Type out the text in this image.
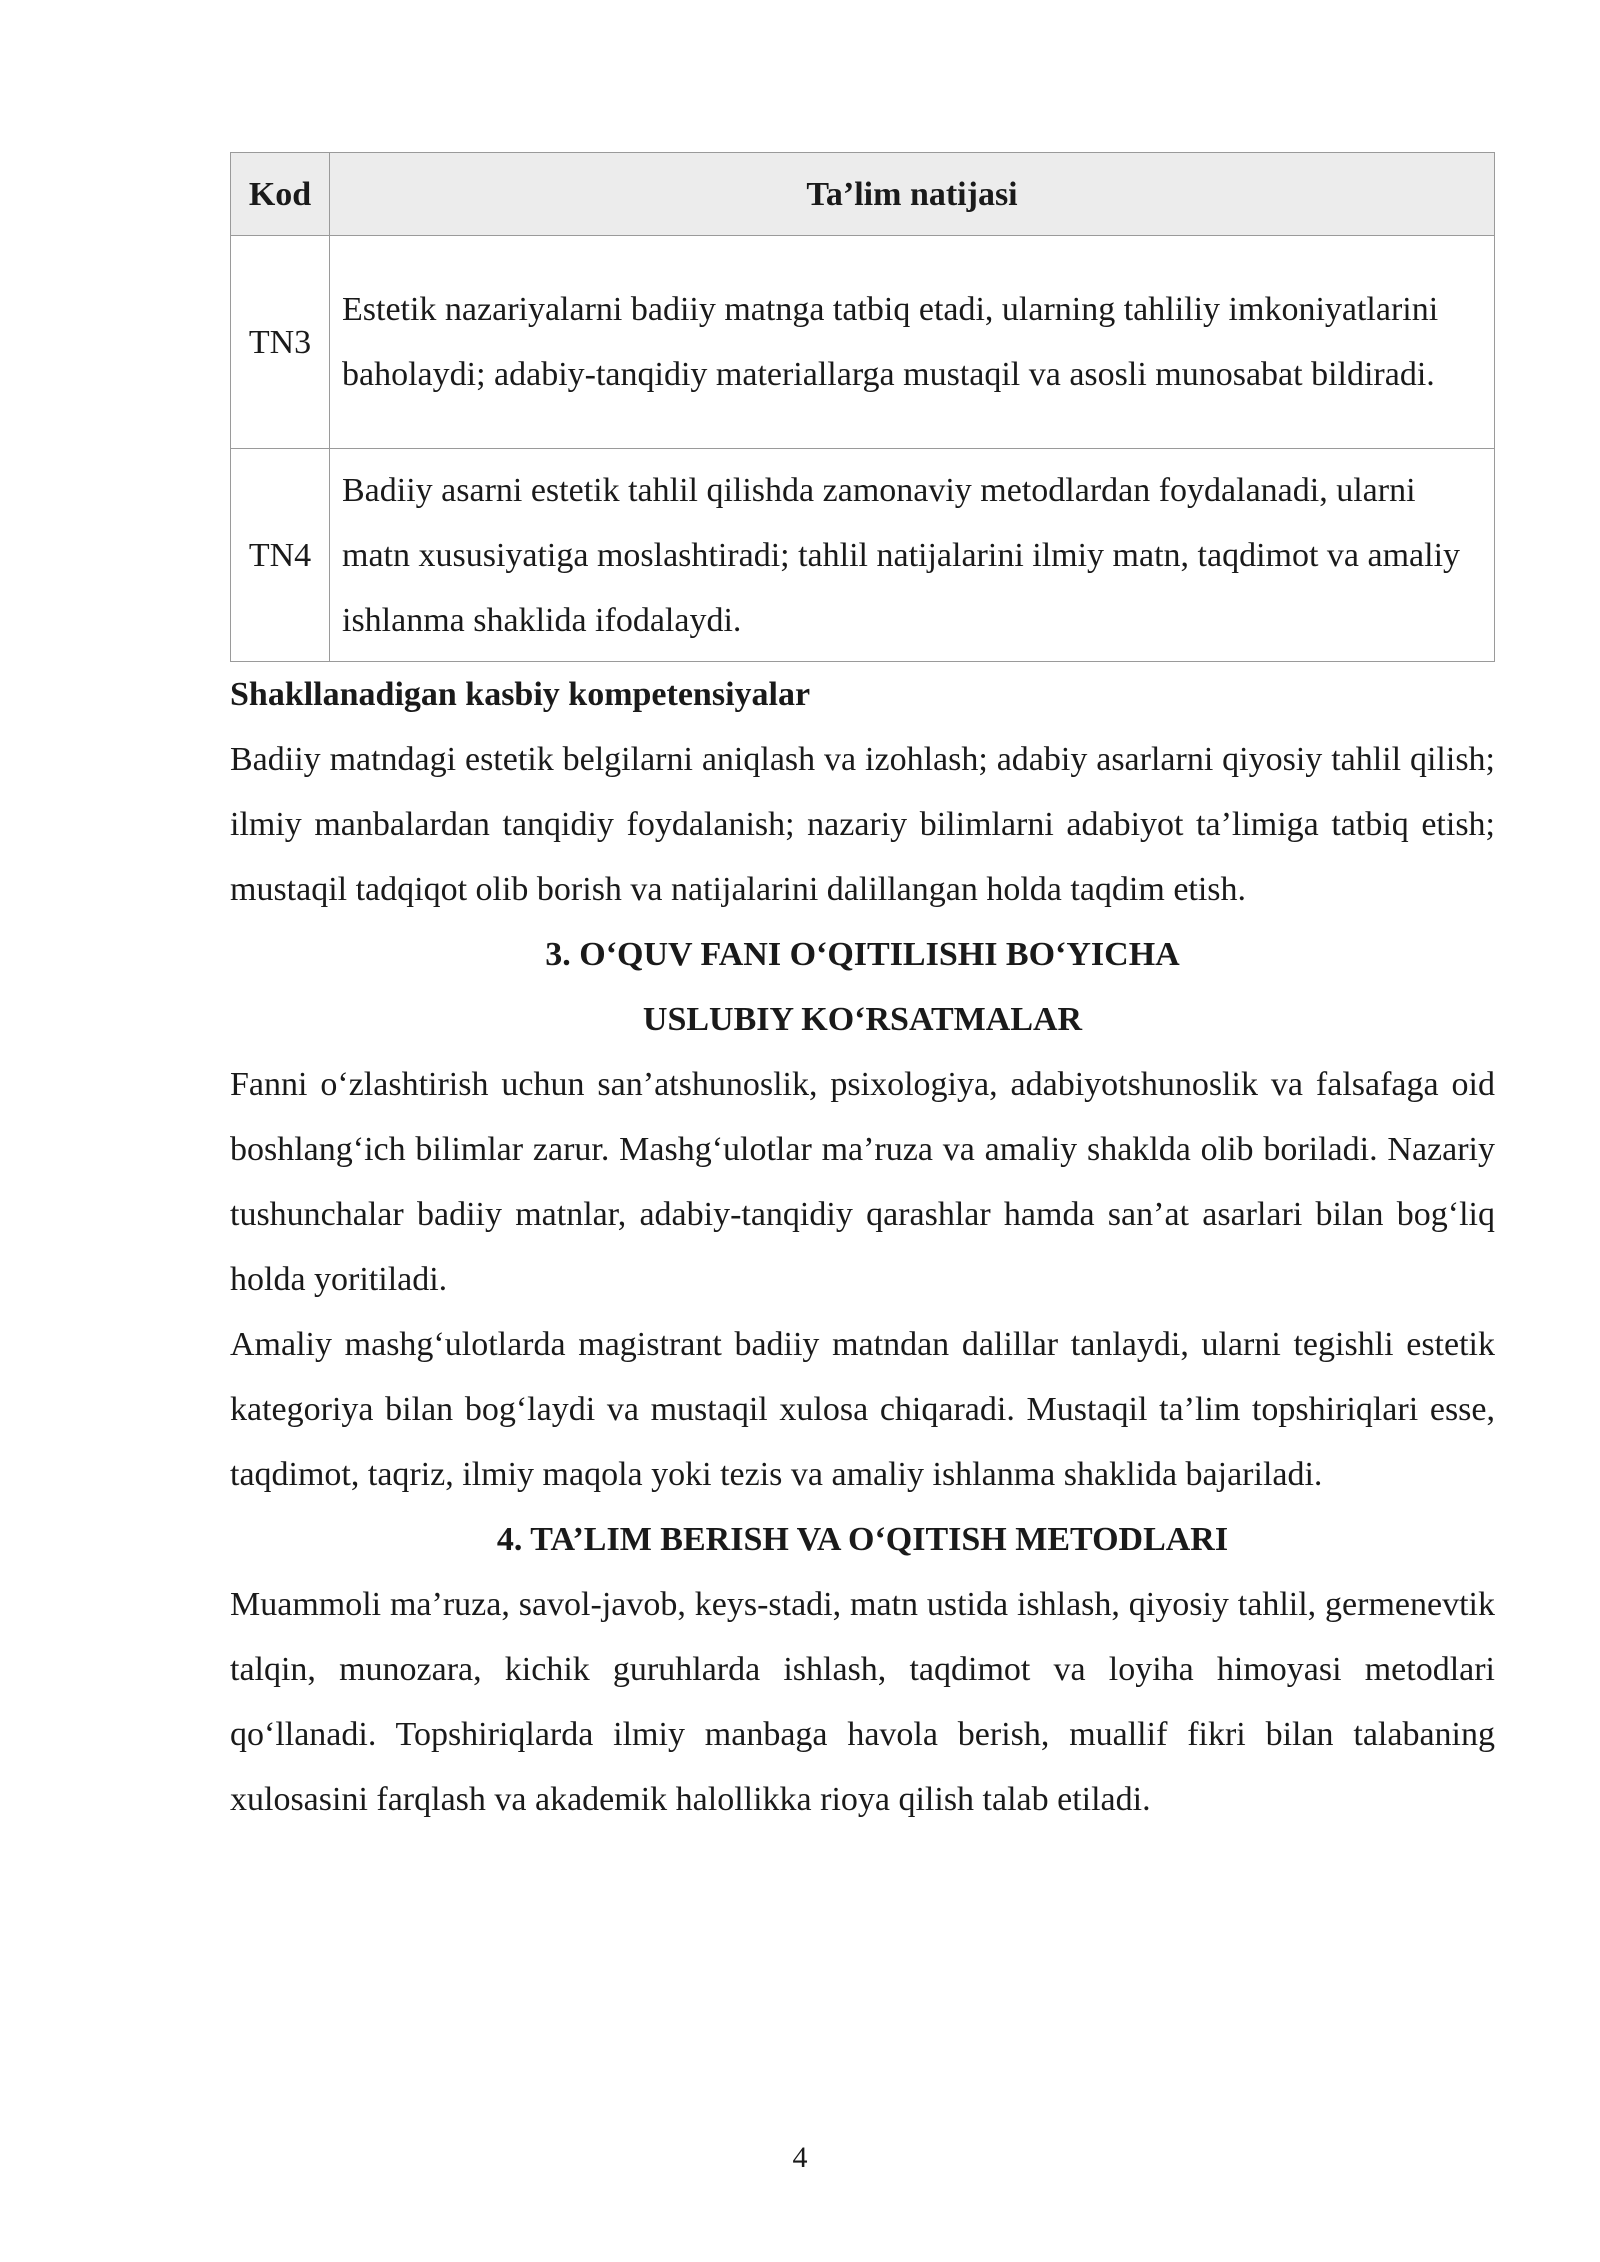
Kod	Ta’lim natijasi
TN3	Estetik nazariyalarni badiiy matnga tatbiq etadi, ularning tahliliy imkoniyatlarini baholaydi; adabiy-tanqidiy materiallarga mustaqil va asosli munosabat bildiradi.
TN4	Badiiy asarni estetik tahlil qilishda zamonaviy metodlardan foydalanadi, ularni matn xususiyatiga moslashtiradi; tahlil natijalarini ilmiy matn, taqdimot va amaliy ishlanma shaklida ifodalaydi.
Shakllanadigan kasbiy kompetensiyalar

Badiiy matndagi estetik belgilarni aniqlash va izohlash; adabiy asarlarni qiyosiy tahlil qilish; ilmiy manbalardan tanqidiy foydalanish; nazariy bilimlarni adabiyot ta’limiga tatbiq etish; mustaqil tadqiqot olib borish va natijalarini dalillangan holda taqdim etish.

3. O‘QUV FANI O‘QITILISHI BO‘YICHA
USLUBIY KO‘RSATMALAR

Fanni o‘zlashtirish uchun san’atshunoslik, psixologiya, adabiyotshunoslik va falsafaga oid boshlang‘ich bilimlar zarur. Mashg‘ulotlar ma’ruza va amaliy shaklda olib boriladi. Nazariy tushunchalar badiiy matnlar, adabiy-tanqidiy qarashlar hamda san’at asarlari bilan bog‘liq holda yoritiladi.

Amaliy mashg‘ulotlarda magistrant badiiy matndan dalillar tanlaydi, ularni tegishli estetik kategoriya bilan bog‘laydi va mustaqil xulosa chiqaradi. Mustaqil ta’lim topshiriqlari esse, taqdimot, taqriz, ilmiy maqola yoki tezis va amaliy ishlanma shaklida bajariladi.

4. TA’LIM BERISH VA O‘QITISH METODLARI

Muammoli ma’ruza, savol-javob, keys-stadi, matn ustida ishlash, qiyosiy tahlil, germenevtik talqin, munozara, kichik guruhlarda ishlash, taqdimot va loyiha himoyasi metodlari qo‘llanadi. Topshiriqlarda ilmiy manbaga havola berish, muallif fikri bilan talabaning xulosasini farqlash va akademik halollikka rioya qilish talab etiladi.

4
